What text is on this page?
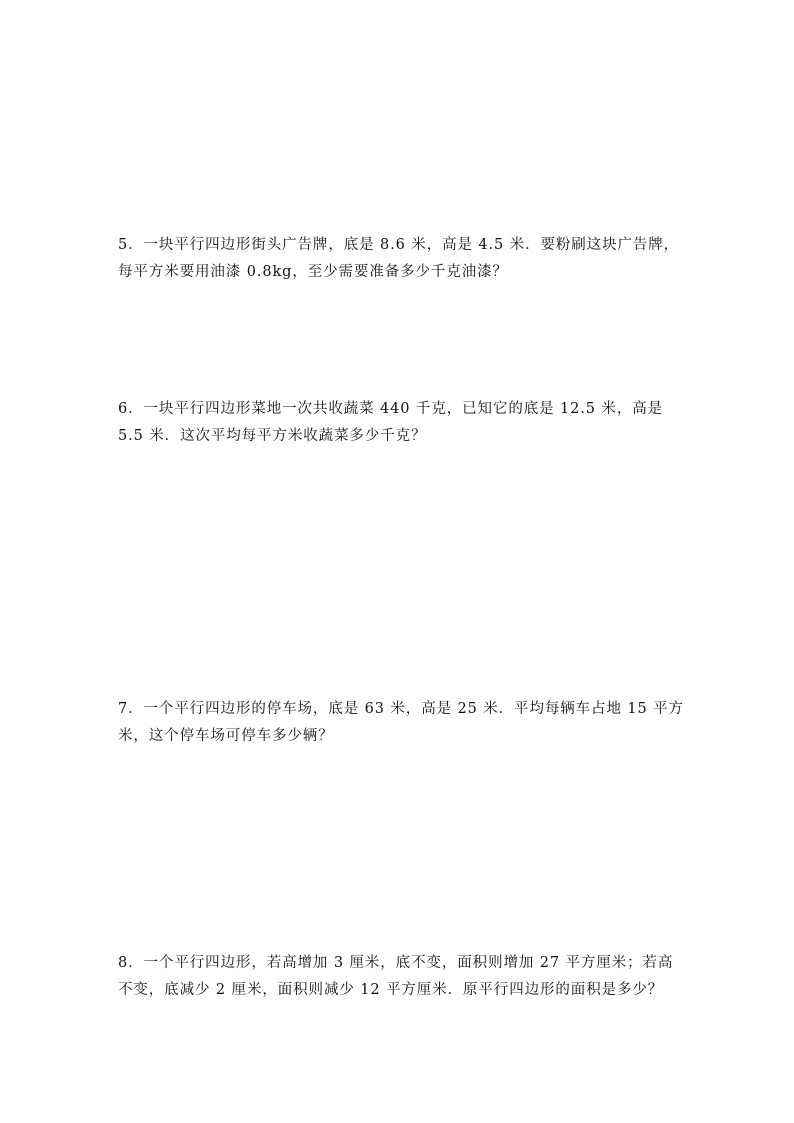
5．一块平行四边形街头广告牌，底是 8.6 米，高是 4.5 米．要粉刷这块广告牌，
每平方米要用油漆 0.8kg，至少需要准备多少千克油漆？
6．一块平行四边形菜地一次共收蔬菜 440 千克，已知它的底是 12.5 米，高是
5.5 米．这次平均每平方米收蔬菜多少千克？
7．一个平行四边形的停车场，底是 63 米，高是 25 米．平均每辆车占地 15 平方
米，这个停车场可停车多少辆？
8．一个平行四边形，若高增加 3 厘米，底不变，面积则增加 27 平方厘米；若高
不变，底减少 2 厘米，面积则减少 12 平方厘米．原平行四边形的面积是多少？
